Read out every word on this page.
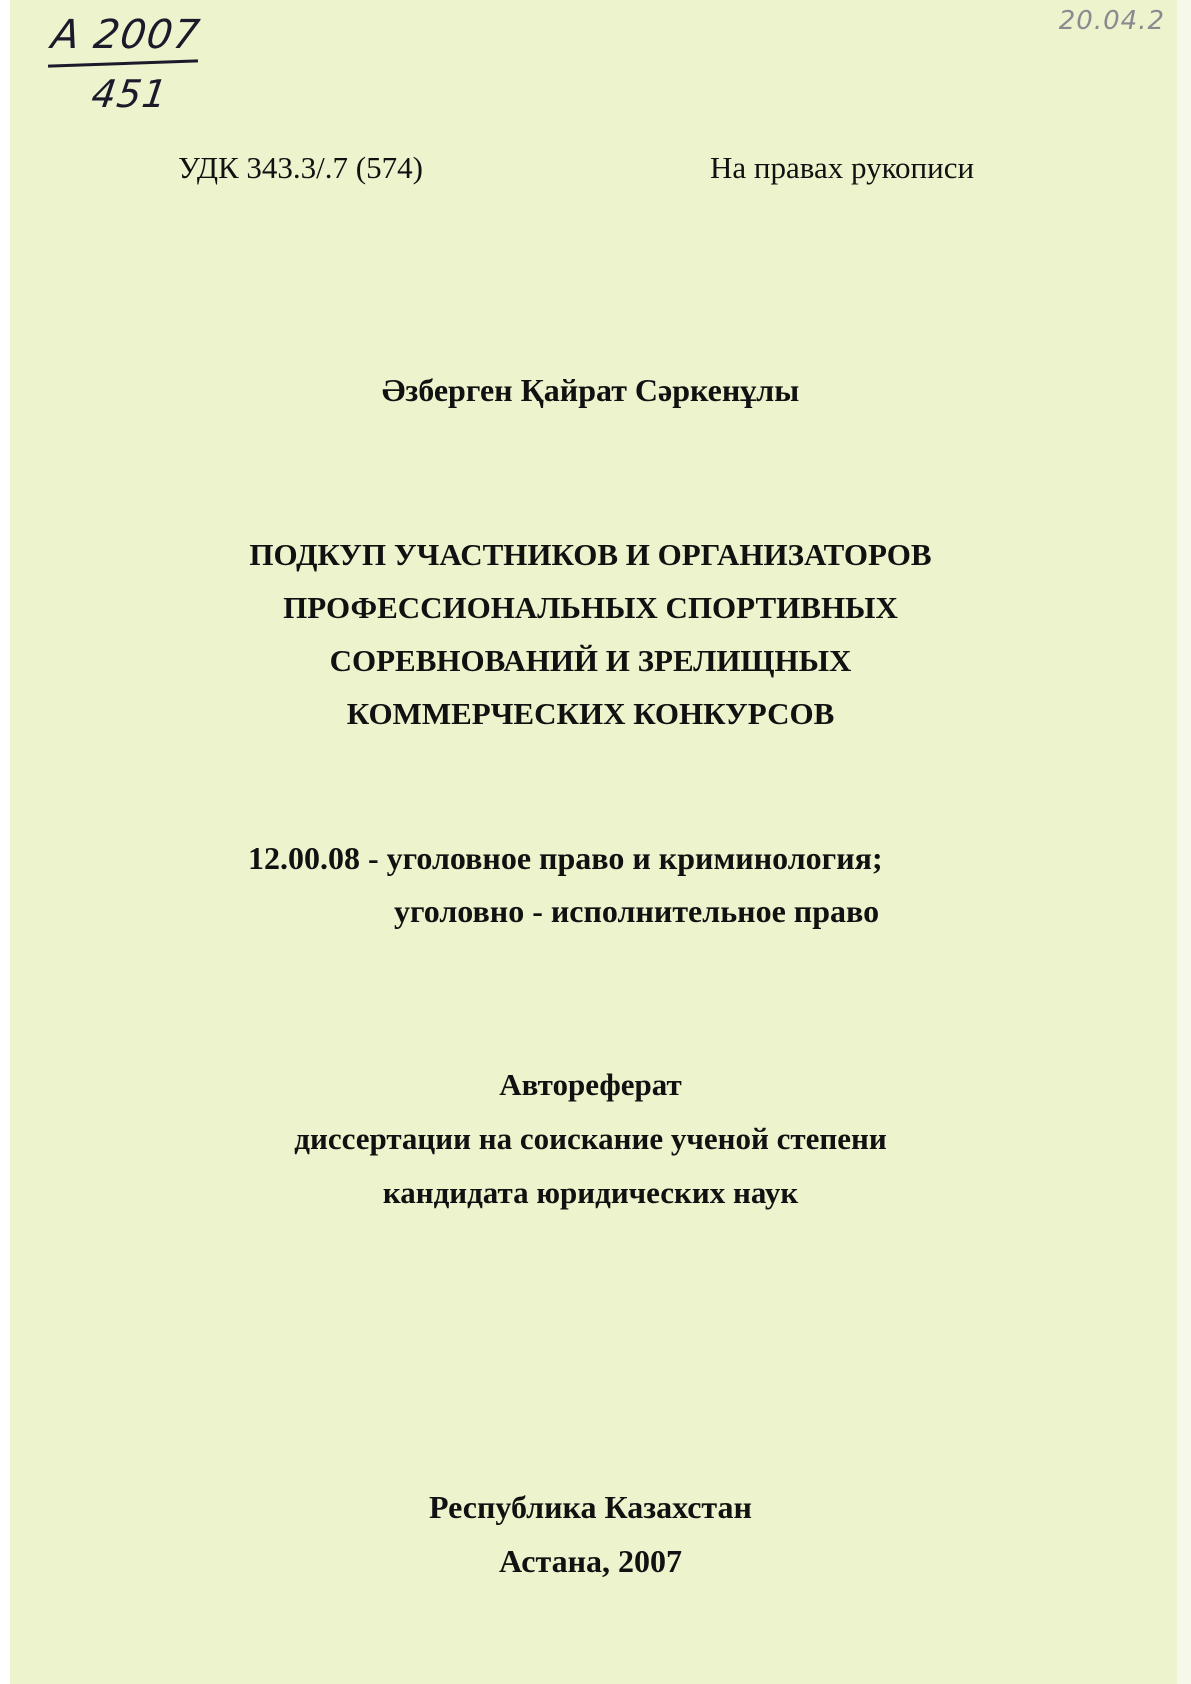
А 2007
451
20.04.2
УДК 343.3/.7 (574)	На правах рукописи
Әзберген Қайрат Сәркенұлы
ПОДКУП УЧАСТНИКОВ И ОРГАНИЗАТОРОВ
ПРОФЕССИОНАЛЬНЫХ СПОРТИВНЫХ
СОРЕВНОВАНИЙ И ЗРЕЛИЩНЫХ
КОММЕРЧЕСКИХ КОНКУРСОВ
12.00.08 - уголовное право и криминология;
уголовно - исполнительное право
Автореферат
диссертации на соискание ученой степени
кандидата юридических наук
Республика Казахстан
Астана, 2007
